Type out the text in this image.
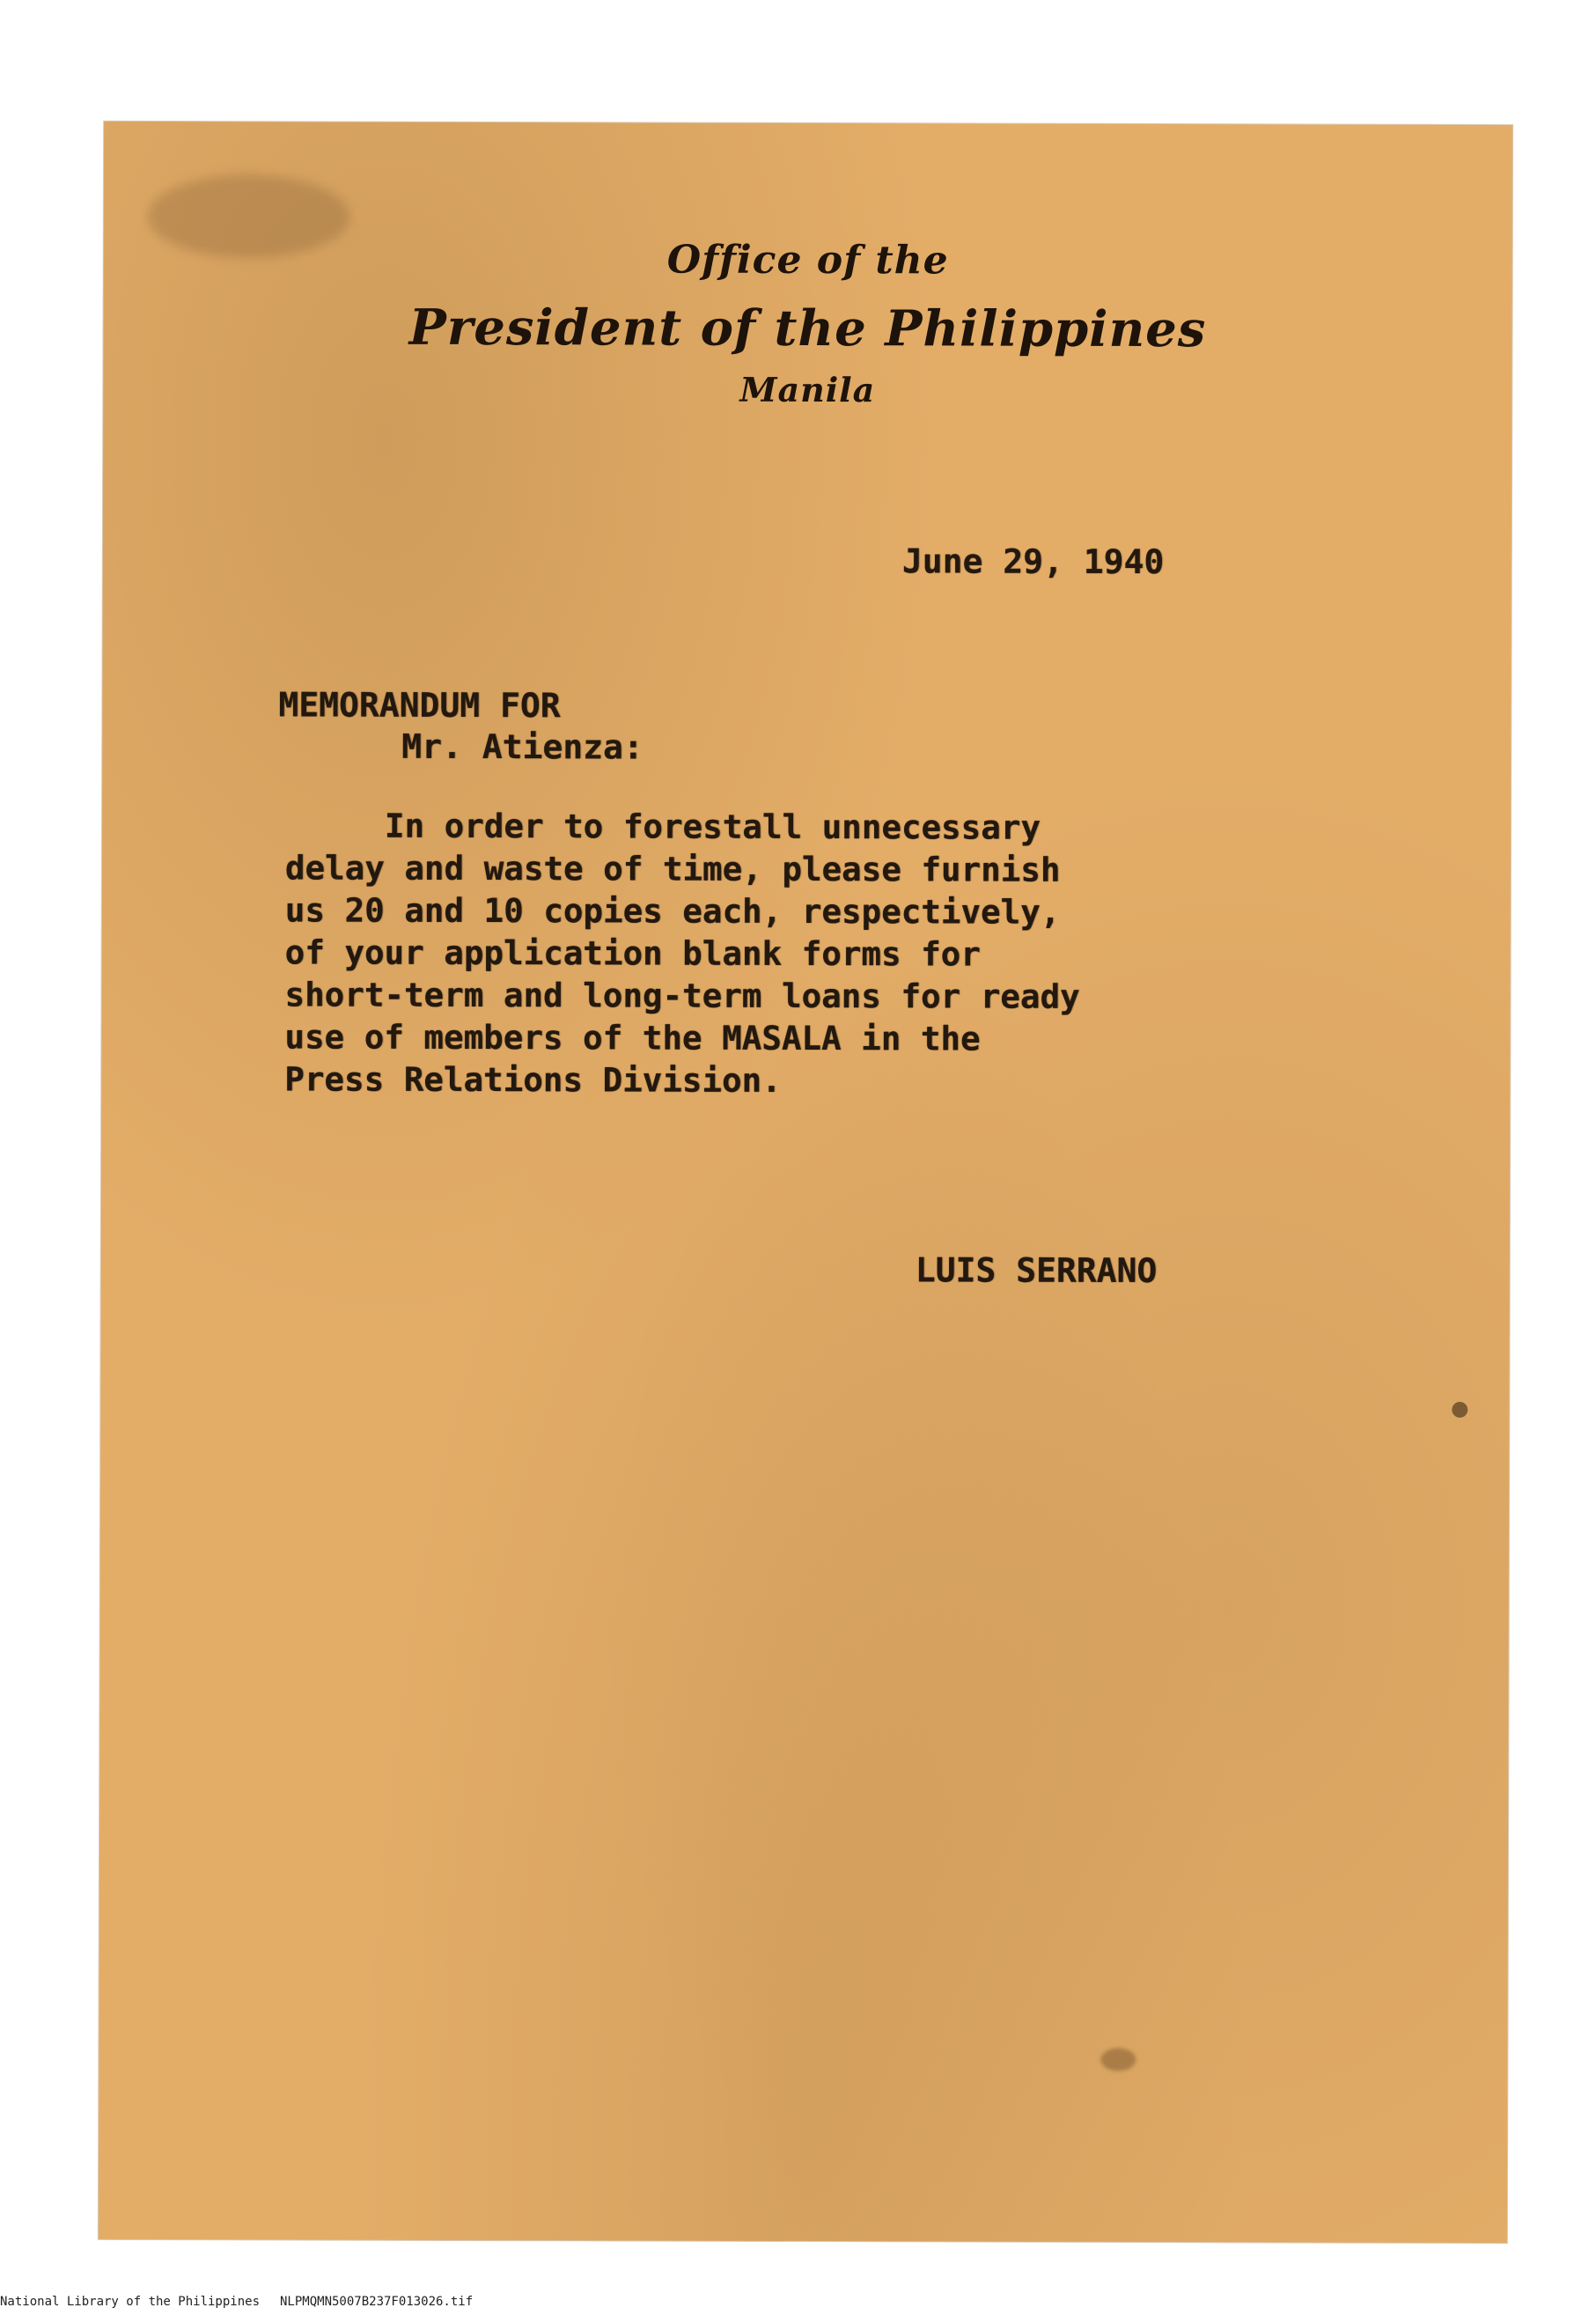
Office of the
President of the Philippines
Manila
June 29, 1940
MEMORANDUM FOR
Mr. Atienza:
In order to forestall unnecessary
delay and waste of time, please furnish
us 20 and 10 copies each, respectively,
of your application blank forms for
short-term and long-term loans for ready
use of members of the MASALA in the
Press Relations Division.
LUIS SERRANO
National Library of the Philippines NLPMQMN5007B237F013026.tif
